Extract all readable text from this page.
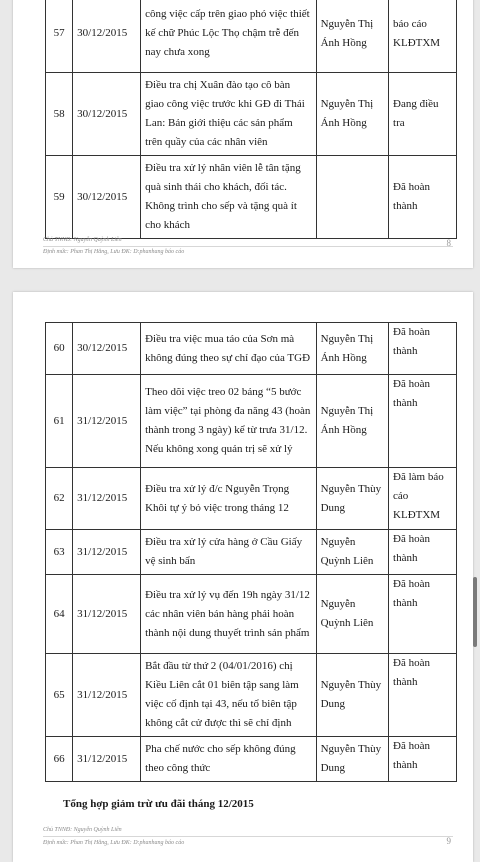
57	30/12/2015	công việc cấp trên giao phó việc thiết kế chữ Phúc Lộc Thọ chậm trễ đến nay chưa xong	Nguyễn Thị Ánh Hồng	báo cáo KLĐTXM
58	30/12/2015	Điều tra chị Xuân đào tạo cô bàn giao công việc trước khi GĐ đi Thái Lan: Bản giới thiệu các sản phẩm trên quầy của các nhân viên	Nguyễn Thị Ánh Hồng	Đang điều tra
59	30/12/2015	Điều tra xử lý nhân viên lễ tân tặng quà sinh thái cho khách, đối tác. Không trình cho sếp và tặng quà ít cho khách		Đã hoàn thành
Chủ TNNĐ: Nguyễn Quỳnh Liên
Định mức: Phan Thị Hằng, Lưu ĐK: D:phanhang báo cáo
8
60	30/12/2015	Điều tra việc mua táo của Sơn mà không đúng theo sự chỉ đạo của TGĐ	Nguyễn Thị Ánh Hồng	Đã hoàn thành
61	31/12/2015	Theo dõi việc treo 02 bảng “5 bước làm việc” tại phòng đa năng 43 (hoàn thành trong 3 ngày) kể từ trưa 31/12. Nếu không xong quản trị sẽ xử lý	Nguyễn Thị Ánh Hồng	Đã hoàn thành
62	31/12/2015	Điều tra xử lý đ/c Nguyễn Trọng Khôi tự ý bỏ việc trong tháng 12	Nguyễn Thùy Dung	Đã làm báo cáo KLĐTXM
63	31/12/2015	Điều tra xử lý cửa hàng ở Cầu Giấy vệ sinh bẩn	Nguyễn Quỳnh Liên	Đã hoàn thành
64	31/12/2015	Điều tra xử lý vụ đến 19h ngày 31/12 các nhân viên bán hàng phải hoàn thành nội dung thuyết trình sản phẩm	Nguyễn Quỳnh Liên	Đã hoàn thành
65	31/12/2015	Bắt đầu từ thứ 2 (04/01/2016) chị Kiều Liên cắt 01 biên tập sang làm việc cố định tại 43, nếu tổ biên tập không cắt cử được thì sẽ chỉ định	Nguyễn Thùy Dung	Đã hoàn thành
66	31/12/2015	Pha chế nước cho sếp không đúng theo công thức	Nguyễn Thùy Dung	Đã hoàn thành
Tổng hợp giảm trừ ưu đãi tháng 12/2015
Chủ TNNĐ: Nguyễn Quỳnh Liên
Định mức: Phan Thị Hằng, Lưu ĐK: D:phanhang báo cáo	9
